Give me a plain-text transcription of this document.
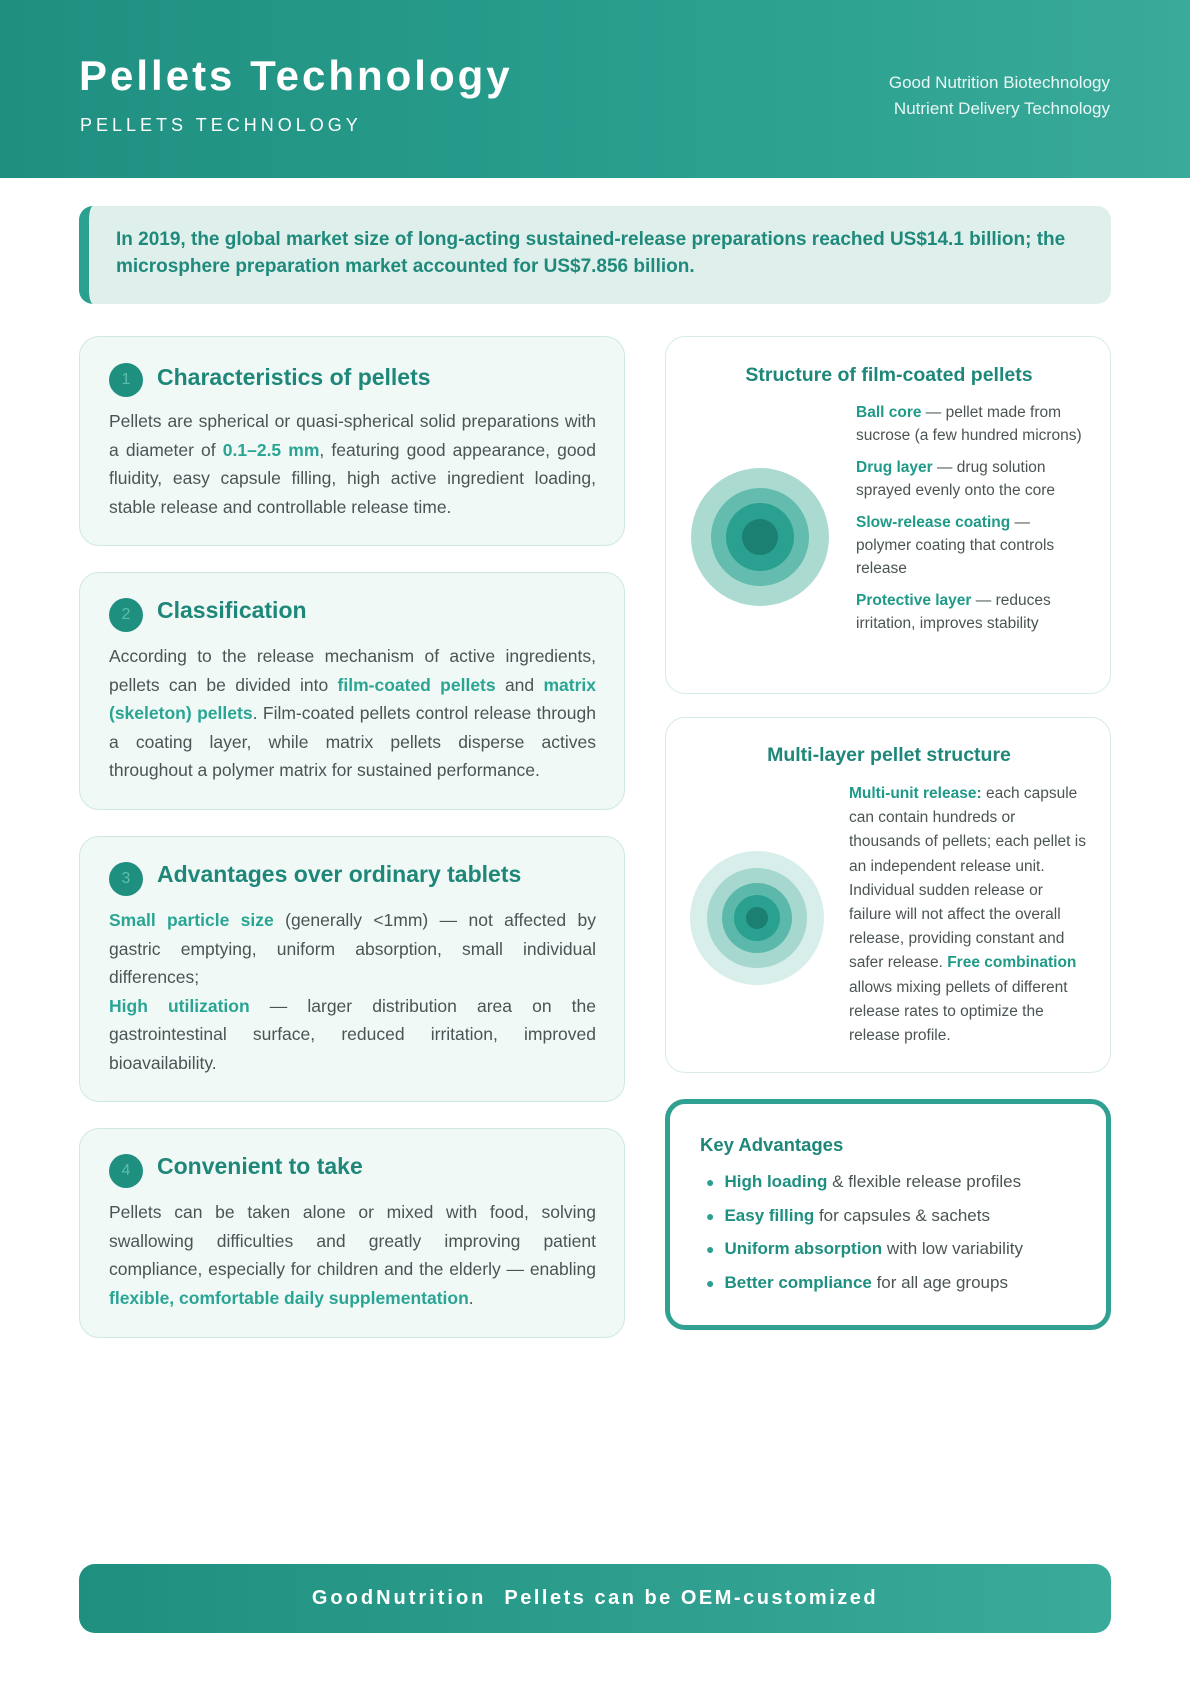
Pellets Technology
PELLETS TECHNOLOGY
Good Nutrition Biotechnology
Nutrient Delivery Technology

In 2019, the global market size of long-acting sustained-release preparations reached US$14.1 billion; the microsphere preparation market accounted for US$7.856 billion.

1	Characteristics of pellets
Pellets are spherical or quasi-spherical solid preparations with a diameter of 0.1–2.5 mm, featuring good appearance, good fluidity, easy capsule filling, high active ingredient loading, stable release and controllable release time.
2	Classification
According to the release mechanism of active ingredients, pellets can be divided into film-coated pellets and matrix (skeleton) pellets. Film-coated pellets control release through a coating layer, while matrix pellets disperse actives throughout a polymer matrix for sustained performance.
3	Advantages over ordinary tablets
Small particle size (generally <1mm) — not affected by gastric emptying, uniform absorption, small individual differences;
High utilization — larger distribution area on the gastrointestinal surface, reduced irritation, improved bioavailability.
4	Convenient to take
Pellets can be taken alone or mixed with food, solving swallowing difficulties and greatly improving patient compliance, especially for children and the elderly — enabling flexible, comfortable daily supplementation.
Structure of film-coated pellets
Ball core — pellet made from sucrose (a few hundred microns)
Drug layer — drug solution sprayed evenly onto the core
Slow-release coating — polymer coating that controls release
Protective layer — reduces irritation, improves stability
Multi-layer pellet structure
Multi-unit release: each capsule can contain hundreds or thousands of pellets; each pellet is an independent release unit. Individual sudden release or failure will not affect the overall release, providing constant and safer release. Free combination allows mixing pellets of different release rates to optimize the release profile.
Key Advantages
● High loading & flexible release profiles
● Easy filling for capsules & sachets
● Uniform absorption with low variability
● Better compliance for all age groups
GoodNutrition Pellets can be OEM-customized
